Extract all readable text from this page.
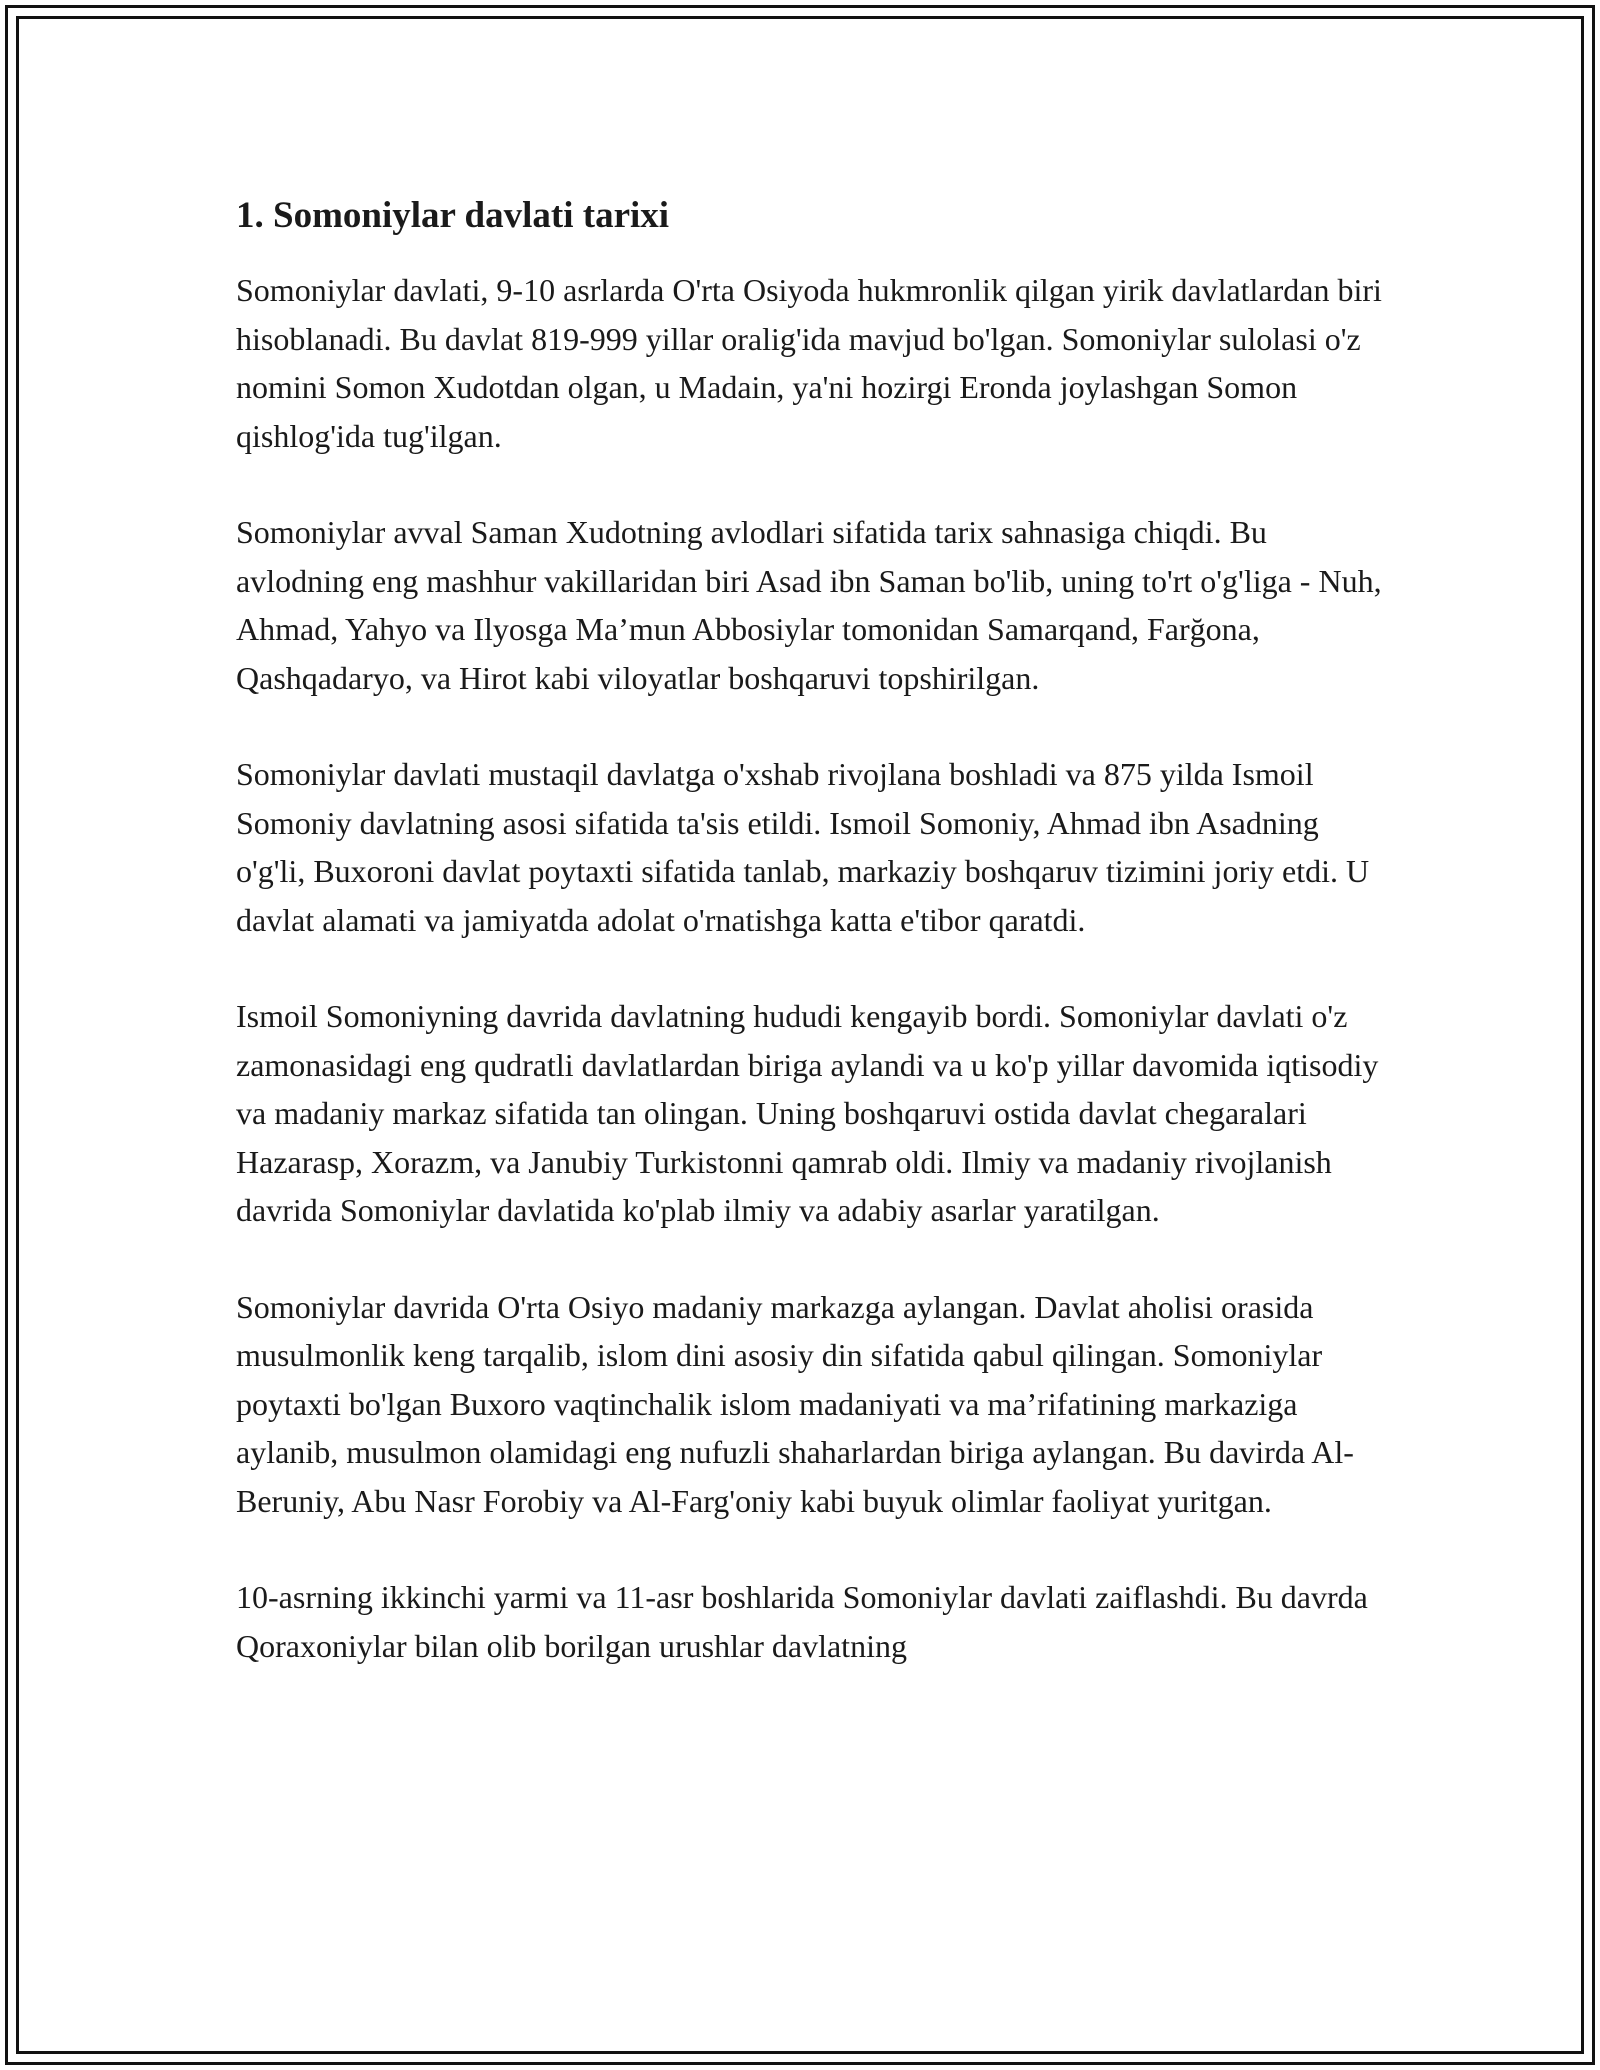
1. Somoniylar davlati tarixi

Somoniylar davlati, 9-10 asrlarda O'rta Osiyoda hukmronlik qilgan yirik davlatlardan biri hisoblanadi. Bu davlat 819-999 yillar oralig'ida mavjud bo'lgan. Somoniylar sulolasi o'z nomini Somon Xudotdan olgan, u Madain, ya'ni hozirgi Eronda joylashgan Somon qishlog'ida tug'ilgan.

Somoniylar avval Saman Xudotning avlodlari sifatida tarix sahnasiga chiqdi. Bu avlodning eng mashhur vakillaridan biri Asad ibn Saman bo'lib, uning to'rt o'g'liga - Nuh, Ahmad, Yahyo va Ilyosga Ma’mun Abbosiylar tomonidan Samarqand, Farğona, Qashqadaryo, va Hirot kabi viloyatlar boshqaruvi topshirilgan.

Somoniylar davlati mustaqil davlatga o'xshab rivojlana boshladi va 875 yilda Ismoil Somoniy davlatning asosi sifatida ta'sis etildi. Ismoil Somoniy, Ahmad ibn Asadning o'g'li, Buxoroni davlat poytaxti sifatida tanlab, markaziy boshqaruv tizimini joriy etdi. U davlat alamati va jamiyatda adolat o'rnatishga katta e'tibor qaratdi.

Ismoil Somoniyning davrida davlatning hududi kengayib bordi. Somoniylar davlati o'z zamonasidagi eng qudratli davlatlardan biriga aylandi va u ko'p yillar davomida iqtisodiy va madaniy markaz sifatida tan olingan. Uning boshqaruvi ostida davlat chegaralari Hazarasp, Xorazm, va Janubiy Turkistonni qamrab oldi. Ilmiy va madaniy rivojlanish davrida Somoniylar davlatida ko'plab ilmiy va adabiy asarlar yaratilgan.

Somoniylar davrida O'rta Osiyo madaniy markazga aylangan. Davlat aholisi orasida musulmonlik keng tarqalib, islom dini asosiy din sifatida qabul qilingan. Somoniylar poytaxti bo'lgan Buxoro vaqtinchalik islom madaniyati va ma’rifatining markaziga aylanib, musulmon olamidagi eng nufuzli shaharlardan biriga aylangan. Bu davirda Al-Beruniy, Abu Nasr Forobiy va Al-Farg'oniy kabi buyuk olimlar faoliyat yuritgan.

10-asrning ikkinchi yarmi va 11-asr boshlarida Somoniylar davlati zaiflashdi. Bu davrda Qoraxoniylar bilan olib borilgan urushlar davlatning
